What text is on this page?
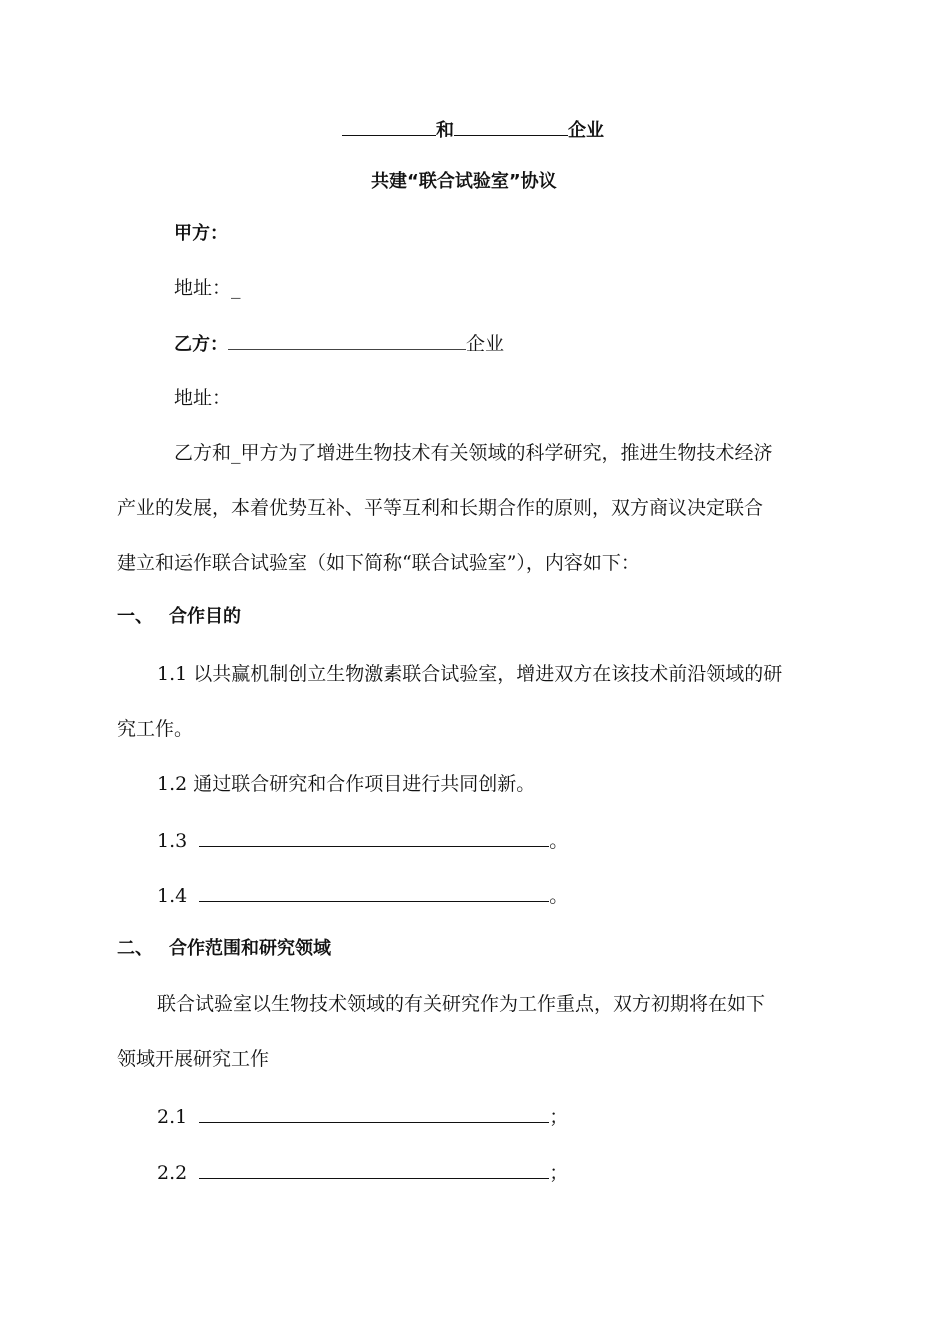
和	企业
共建“联合试验室”协议
甲方：
地址：_
乙方：	企业
地址：
乙方和_甲方为了增进生物技术有关领域的科学研究，推进生物技术经济
产业的发展，本着优势互补、平等互利和长期合作的原则，双方商议决定联合
建立和运作联合试验室（如下简称“联合试验室”），内容如下：
一、 合作目的
1.1 以共赢机制创立生物激素联合试验室，增进双方在该技术前沿领域的研
究工作。
1.2 通过联合研究和合作项目进行共同创新。
1.3	。
1.4	。
二、 合作范围和研究领域
联合试验室以生物技术领域的有关研究作为工作重点，双方初期将在如下
领域开展研究工作
2.1	；
2.2	；
